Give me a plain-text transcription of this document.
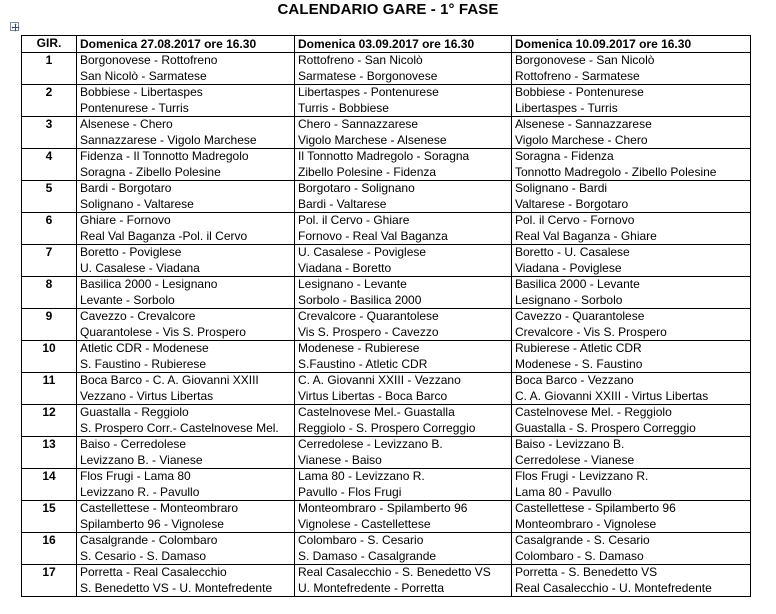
CALENDARIO GARE - 1° FASE
GIR.	Domenica 27.08.2017 ore 16.30	Domenica 03.09.2017 ore 16.30	Domenica 10.09.2017 ore 16.30
1	Borgonovese - Rottofreno	Rottofreno - San Nicolò	Borgonovese - San Nicolò
	San Nicolò - Sarmatese	Sarmatese - Borgonovese	Rottofreno - Sarmatese
2	Bobbiese - Libertaspes	Libertaspes - Pontenurese	Bobbiese - Pontenurese
	Pontenurese - Turris	Turris - Bobbiese	Libertaspes - Turris
3	Alsenese - Chero	Chero - Sannazzarese	Alsenese - Sannazzarese
	Sannazzarese - Vigolo Marchese	Vigolo Marchese - Alsenese	Vigolo Marchese - Chero
4	Fidenza - Il Tonnotto Madregolo	Il Tonnotto Madregolo - Soragna	Soragna - Fidenza
	Soragna - Zibello Polesine	Zibello Polesine - Fidenza	Tonnotto Madregolo - Zibello Polesine
5	Bardi - Borgotaro	Borgotaro - Solignano	Solignano - Bardi
	Solignano - Valtarese	Bardi - Valtarese	Valtarese - Borgotaro
6	Ghiare - Fornovo	Pol. il Cervo - Ghiare	Pol. il Cervo - Fornovo
	Real Val Baganza -Pol. il Cervo	Fornovo - Real Val Baganza	Real Val Baganza - Ghiare
7	Boretto - Poviglese	U. Casalese - Poviglese	Boretto - U. Casalese
	U. Casalese - Viadana	Viadana - Boretto	Viadana - Poviglese
8	Basilica 2000 - Lesignano	Lesignano - Levante	Basilica 2000 - Levante
	Levante - Sorbolo	Sorbolo - Basilica 2000	Lesignano - Sorbolo
9	Cavezzo - Crevalcore	Crevalcore - Quarantolese	Cavezzo - Quarantolese
	Quarantolese - Vis S. Prospero	Vis S. Prospero - Cavezzo	Crevalcore - Vis S. Prospero
10	Atletic CDR - Modenese	Modenese - Rubierese	Rubierese - Atletic CDR
	S. Faustino - Rubierese	S.Faustino - Atletic CDR	Modenese - S. Faustino
11	Boca Barco - C. A. Giovanni XXIII	C. A. Giovanni XXIII - Vezzano	Boca Barco - Vezzano
	Vezzano - Virtus Libertas	Virtus Libertas - Boca Barco	C. A. Giovanni XXIII - Virtus Libertas
12	Guastalla - Reggiolo	Castelnovese Mel.- Guastalla	Castelnovese Mel. - Reggiolo
	S. Prospero Corr.- Castelnovese Mel.	Reggiolo - S. Prospero Correggio	Guastalla - S. Prospero Correggio
13	Baiso - Cerredolese	Cerredolese - Levizzano B.	Baiso - Levizzano B.
	Levizzano B. - Vianese	Vianese - Baiso	Cerredolese - Vianese
14	Flos Frugi - Lama 80	Lama 80 - Levizzano R.	Flos Frugi - Levizzano R.
	Levizzano R. - Pavullo	Pavullo - Flos Frugi	Lama 80 - Pavullo
15	Castellettese - Monteombraro	Monteombraro - Spilamberto 96	Castellettese - Spilamberto 96
	Spilamberto 96 - Vignolese	Vignolese - Castellettese	Monteombraro - Vignolese
16	Casalgrande - Colombaro	Colombaro - S. Cesario	Casalgrande - S. Cesario
	S. Cesario - S. Damaso	S. Damaso - Casalgrande	Colombaro - S. Damaso
17	Porretta - Real Casalecchio	Real Casalecchio - S. Benedetto VS	Porretta - S. Benedetto VS
	S. Benedetto VS - U. Montefredente	U. Montefredente - Porretta	Real Casalecchio - U. Montefredente
